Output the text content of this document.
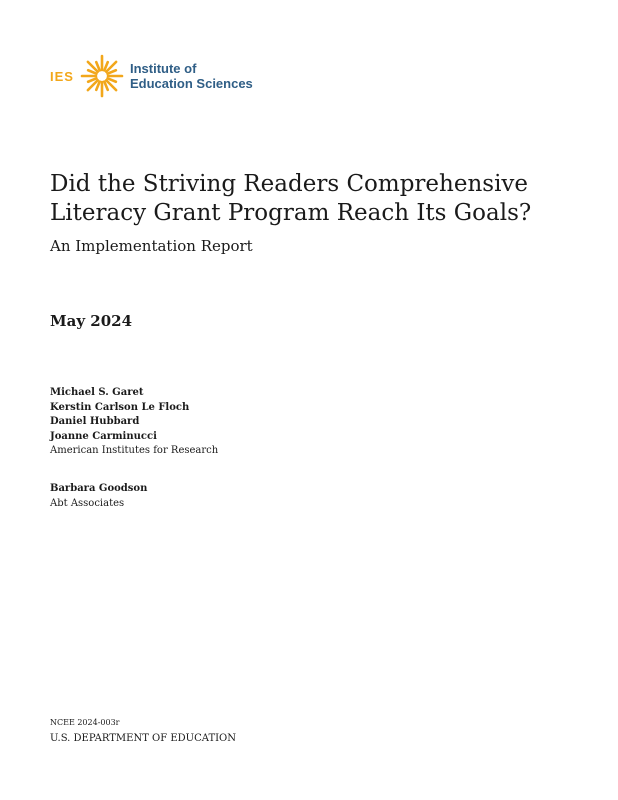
IES	Institute of
Education Sciences
Did the Striving Readers Comprehensive
Literacy Grant Program Reach Its Goals?
An Implementation Report
May 2024
Michael S. Garet
Kerstin Carlson Le Floch
Daniel Hubbard
Joanne Carminucci
American Institutes for Research
Barbara Goodson
Abt Associates
NCEE 2024-003r
U.S. DEPARTMENT OF EDUCATION
